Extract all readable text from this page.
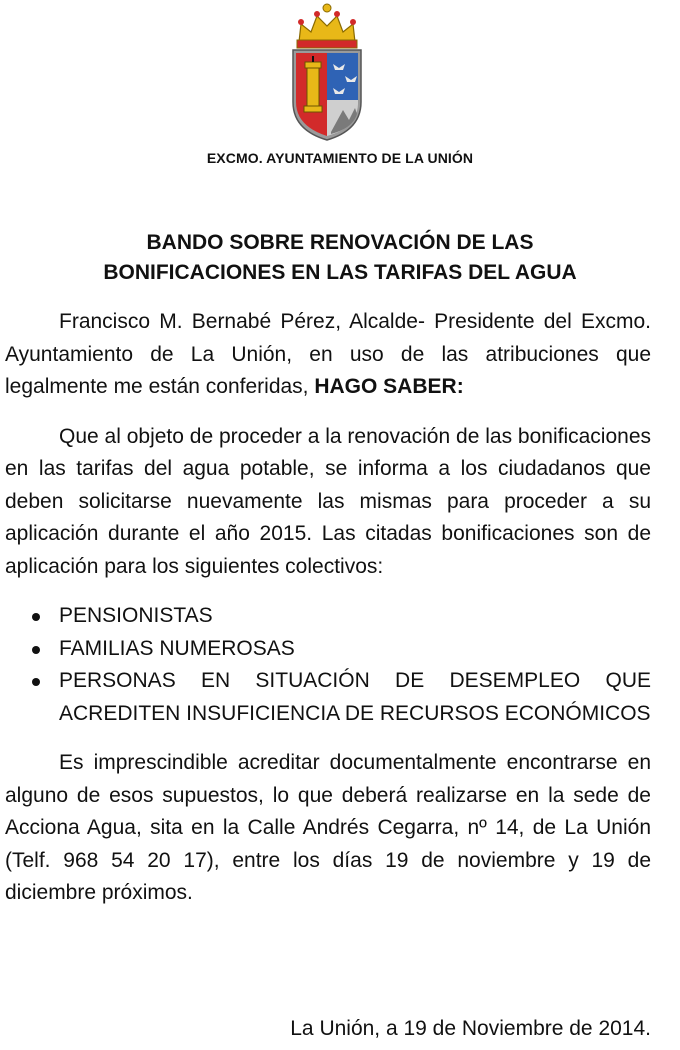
EXCMO. AYUNTAMIENTO DE LA UNIÓN
BANDO SOBRE RENOVACIÓN DE LAS
BONIFICACIONES EN LAS TARIFAS DEL AGUA

Francisco M. Bernabé Pérez, Alcalde- Presidente del Excmo. Ayuntamiento de La Unión, en uso de las atribuciones que legalmente me están conferidas, HAGO SABER:

Que al objeto de proceder a la renovación de las bonificaciones en las tarifas del agua potable, se informa a los ciudadanos que deben solicitarse nuevamente las mismas para proceder a su aplicación durante el año 2015. Las citadas bonificaciones son de aplicación para los siguientes colectivos:

PENSIONISTAS
FAMILIAS NUMEROSAS
PERSONAS EN SITUACIÓN DE DESEMPLEO QUE ACREDITEN INSUFICIENCIA DE RECURSOS ECONÓMICOS

Es imprescindible acreditar documentalmente encontrarse en alguno de esos supuestos, lo que deberá realizarse en la sede de Acciona Agua, sita en la Calle Andrés Cegarra, nº 14, de La Unión (Telf. 968 54 20 17), entre los días 19 de noviembre y 19 de diciembre próximos.

La Unión, a 19 de Noviembre de 2014.
